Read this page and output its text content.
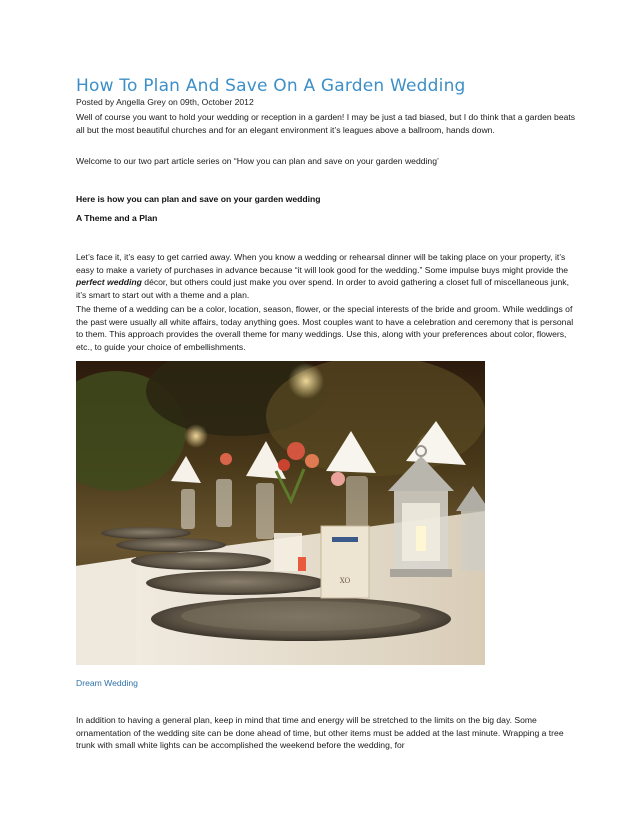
How To Plan And Save On A Garden Wedding
Posted by Angella Grey on 09th, October 2012
Well of course you want to hold your wedding or reception in a garden! I may be just a tad biased, but I do think that a garden beats all but the most beautiful churches and for an elegant environment it’s leagues above a ballroom, hands down.
Welcome to our two part article series on “How you can plan and save on your garden wedding’
Here is how you can plan and save on your garden wedding
A Theme and a Plan
Let’s face it, it’s easy to get carried away. When you know a wedding or rehearsal dinner will be taking place on your property, it’s easy to make a variety of purchases in advance because “it will look good for the wedding.” Some impulse buys might provide the perfect wedding décor, but others could just make you over spend. In order to avoid gathering a closet full of miscellaneous junk, it’s smart to start out with a theme and a plan.
The theme of a wedding can be a color, location, season, flower, or the special interests of the bride and groom. While weddings of the past were usually all white affairs, today anything goes. Most couples want to have a celebration and ceremony that is personal to them. This approach provides the overall theme for many weddings. Use this, along with your preferences about color, flowers, etc., to guide your choice of embellishments.
XO
Dream Wedding
In addition to having a general plan, keep in mind that time and energy will be stretched to the limits on the big day. Some ornamentation of the wedding site can be done ahead of time, but other items must be added at the last minute. Wrapping a tree trunk with small white lights can be accomplished the weekend before the wedding, for
